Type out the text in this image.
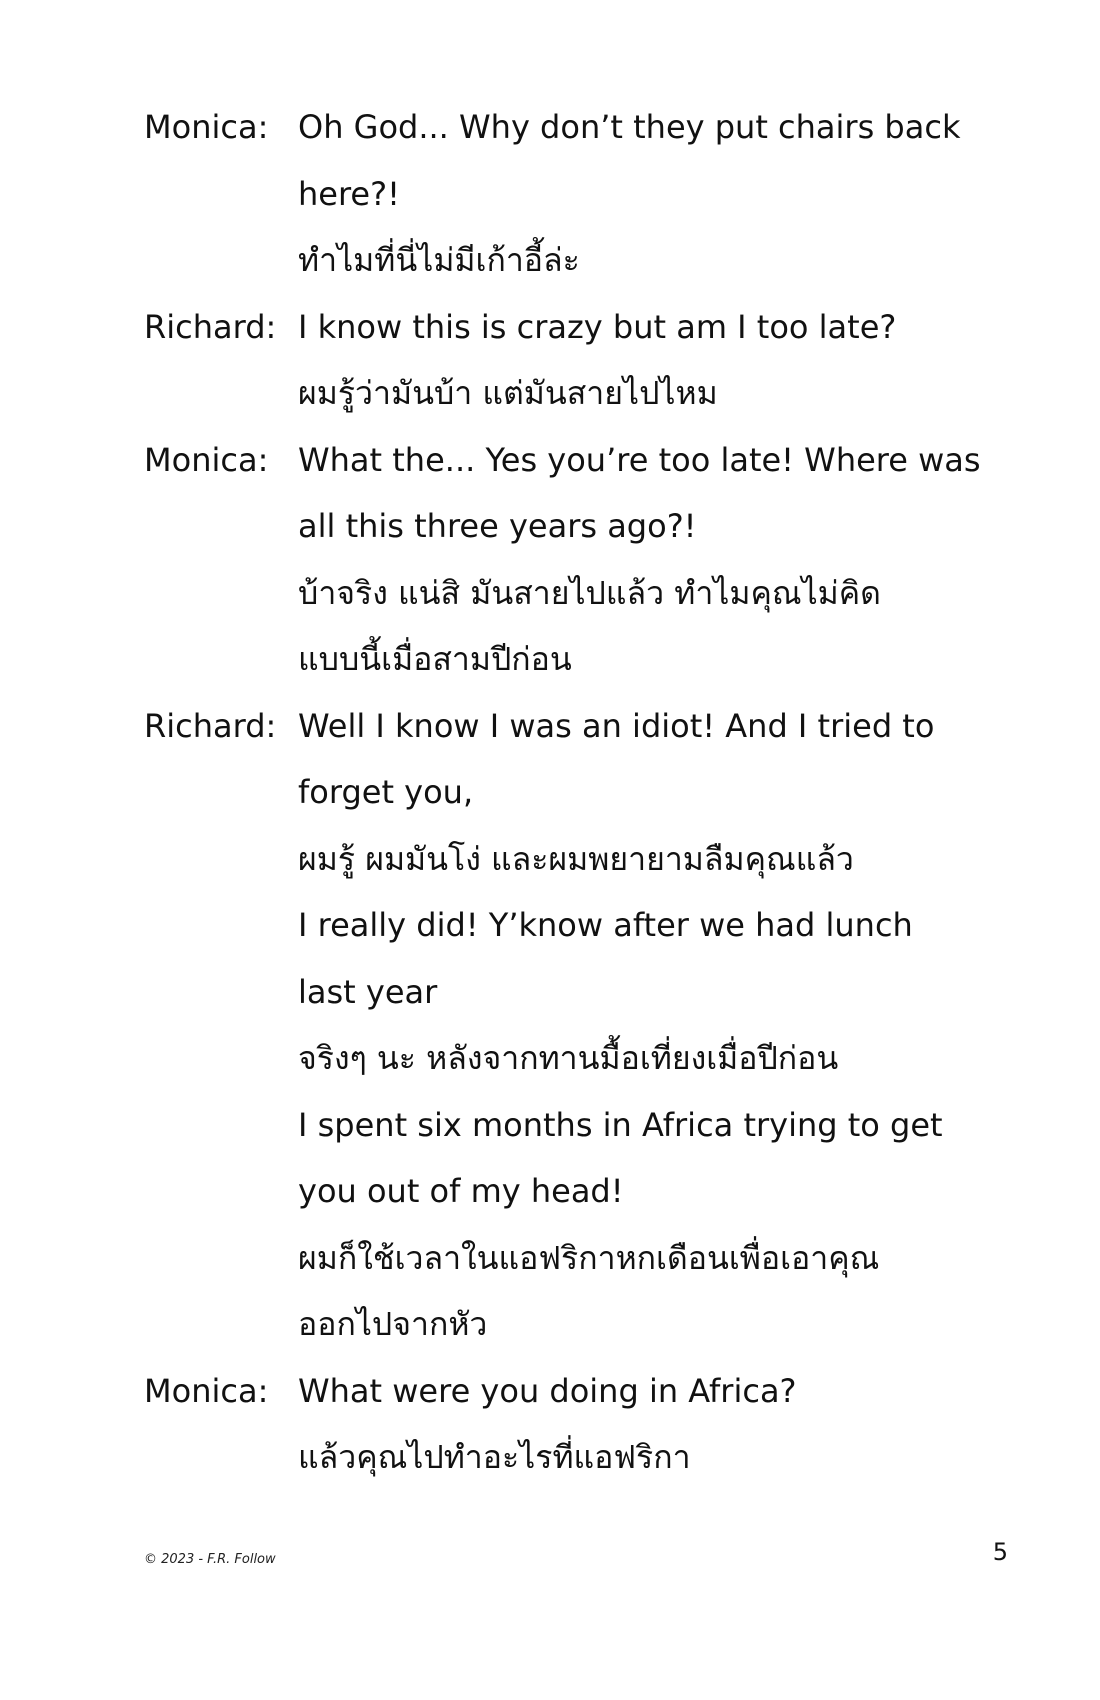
Monica: Oh God... Why don’t they put chairs back
here?!
ทำไมที่นี่ไม่มีเก้าอี้ล่ะ
Richard: I know this is crazy but am I too late?
ผมรู้ว่ามันบ้า แต่มันสายไปไหม
Monica: What the... Yes you’re too late! Where was
all this three years ago?!
บ้าจริง แน่สิ มันสายไปแล้ว ทำไมคุณไม่คิด
แบบนี้เมื่อสามปีก่อน
Richard: Well I know I was an idiot! And I tried to
forget you,
ผมรู้ ผมมันโง่ และผมพยายามลืมคุณแล้ว
I really did! Y’know after we had lunch
last year
จริงๆ นะ หลังจากทานมื้อเที่ยงเมื่อปีก่อน
I spent six months in Africa trying to get
you out of my head!
ผมก็ใช้เวลาในแอฟริกาหกเดือนเพื่อเอาคุณ
ออกไปจากหัว
Monica: What were you doing in Africa?
แล้วคุณไปทำอะไรที่แอฟริกา
© 2023 - F.R. Follow	5
